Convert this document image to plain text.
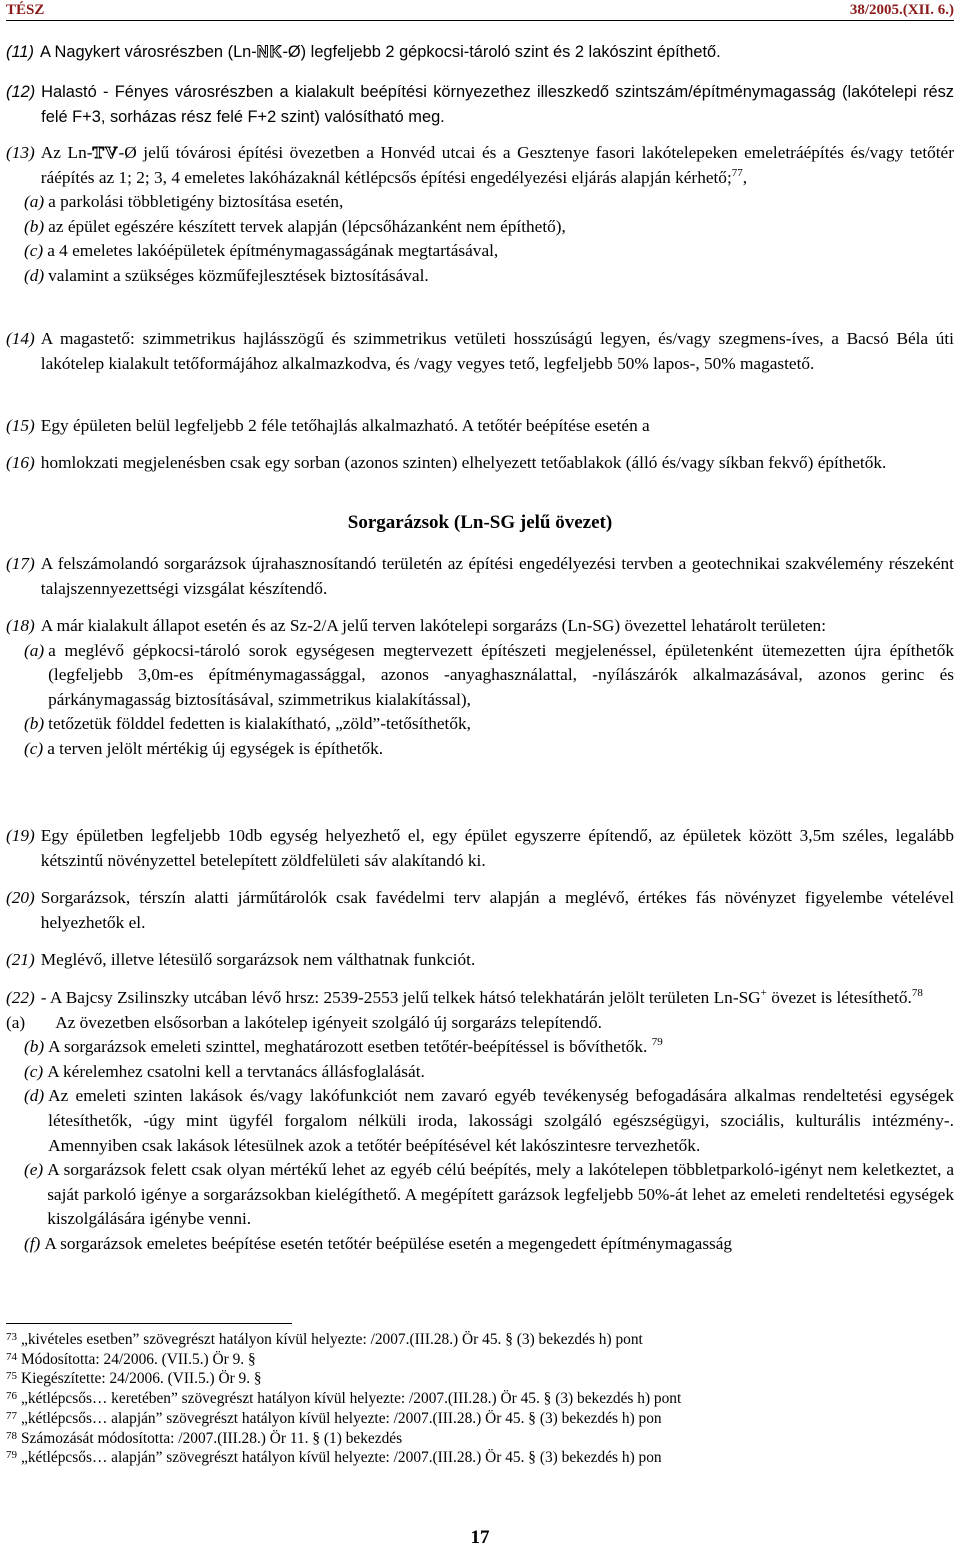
TÉSZ	38/2005.(XII. 6.)
(11) A Nagykert városrészben (Ln-NK-Ø) legfeljebb 2 gépkocsi-tároló szint és 2 lakószint építhető.
(12) Halastó - Fényes városrészben a kialakult beépítési környezethez illeszkedő szintszám/építménymagasság (lakótelepi rész felé F+3, sorházas rész felé F+2 szint) valósítható meg.
(13) Az Ln-TV-Ø jelű tóvárosi építési övezetben a Honvéd utcai és a Gesztenye fasori lakótelepeken emeletráépítés és/vagy tetőtér ráépítés az 1; 2; 3, 4 emeletes lakóházaknál kétlépcsős építési engedélyezési eljárás alapján kérhető;$^{77}$,
(a) a parkolási többletigény biztosítása esetén,
(b) az épület egészére készített tervek alapján (lépcsőházanként nem építhető),
(c) a 4 emeletes lakóépületek építménymagasságának megtartásával,
(d) valamint a szükséges közműfejlesztések biztosításával.
(14) A magastető: szimmetrikus hajlásszögű és szimmetrikus vetületi hosszúságú legyen, és/vagy szegmens-íves, a Bacsó Béla úti lakótelep kialakult tetőformájához alkalmazkodva, és /vagy vegyes tető, legfeljebb 50% lapos-, 50% magastető.
(15) Egy épületen belül legfeljebb 2 féle tetőhajlás alkalmazható. A tetőtér beépítése esetén a
(16) homlokzati megjelenésben csak egy sorban (azonos szinten) elhelyezett tetőablakok (álló és/vagy síkban fekvő) építhetők.
Sorgarázsok (Ln-SG jelű övezet)
(17) A felszámolandó sorgarázsok újrahasznosítandó területén az építési engedélyezési tervben a geotechnikai szakvélemény részeként talajszennyezettségi vizsgálat készítendő.
(18) A már kialakult állapot esetén és az Sz-2/A jelű terven lakótelepi sorgarázs (Ln-SG) övezettel lehatárolt területen:
(a) a meglévő gépkocsi-tároló sorok egységesen megtervezett építészeti megjelenéssel, épületenként ütemezetten újra építhetők (legfeljebb 3,0m-es építménymagassággal, azonos -anyaghasználattal, -nyílászárók alkalmazásával, azonos gerinc és párkánymagasság biztosításával, szimmetrikus kialakítással),
(b) tetőzetük földdel fedetten is kialakítható, „zöld”-tetősíthetők,
(c) a terven jelölt mértékig új egységek is építhetők.
(19) Egy épületben legfeljebb 10db egység helyezhető el, egy épület egyszerre építendő, az épületek között 3,5m széles, legalább kétszintű növényzettel betelepített zöldfelületi sáv alakítandó ki.
(20) Sorgarázsok, térszín alatti járműtárolók csak favédelmi terv alapján a meglévő, értékes fás növényzet figyelembe vételével helyezhetők el.
(21) Meglévő, illetve létesülő sorgarázsok nem válthatnak funkciót.
(22) - A Bajcsy Zsilinszky utcában lévő hrsz: 2539-2553 jelű telkek hátsó telekhatárán jelölt területen Ln-SG+ övezet is létesíthető.$^{78}$
(a)	Az övezetben elsősorban a lakótelep igényeit szolgáló új sorgarázs telepítendő.
(b) A sorgarázsok emeleti szinttel, meghatározott esetben tetőtér-beépítéssel is bővíthetők. $^{79}$
(c) A kérelemhez csatolni kell a tervtanács állásfoglalását.
(d) Az emeleti szinten lakások és/vagy lakófunkciót nem zavaró egyéb tevékenység befogadására alkalmas rendeltetési egységek létesíthetők, -úgy mint ügyfél forgalom nélküli iroda, lakossági szolgáló egészségügyi, szociális, kulturális intézmény-. Amennyiben csak lakások létesülnek azok a tetőtér beépítésével két lakószintesre tervezhetők.
(e) A sorgarázsok felett csak olyan mértékű lehet az egyéb célú beépítés, mely a lakótelepen többletparkoló-igényt nem keletkeztet, a saját parkoló igénye a sorgarázsokban kielégíthető. A megépített garázsok legfeljebb 50%-át lehet az emeleti rendeltetési egységek kiszolgálására igénybe venni.
(f) A sorgarázsok emeletes beépítése esetén tetőtér beépülése esetén a megengedett építménymagasság
73 „kivételes esetben” szövegrészt hatályon kívül helyezte: /2007.(III.28.) Ör 45. § (3) bekezdés h) pont
74 Módosította: 24/2006. (VII.5.) Ör 9. §
75 Kiegészítette: 24/2006. (VII.5.) Ör 9. §
76 „kétlépcsős… keretében” szövegrészt hatályon kívül helyezte: /2007.(III.28.) Ör 45. § (3) bekezdés h) pont
77 „kétlépcsős… alapján” szövegrészt hatályon kívül helyezte: /2007.(III.28.) Ör 45. § (3) bekezdés h) pon
78 Számozását módosította: /2007.(III.28.) Ör 11. § (1) bekezdés
79 „kétlépcsős… alapján” szövegrészt hatályon kívül helyezte: /2007.(III.28.) Ör 45. § (3) bekezdés h) pon
17
